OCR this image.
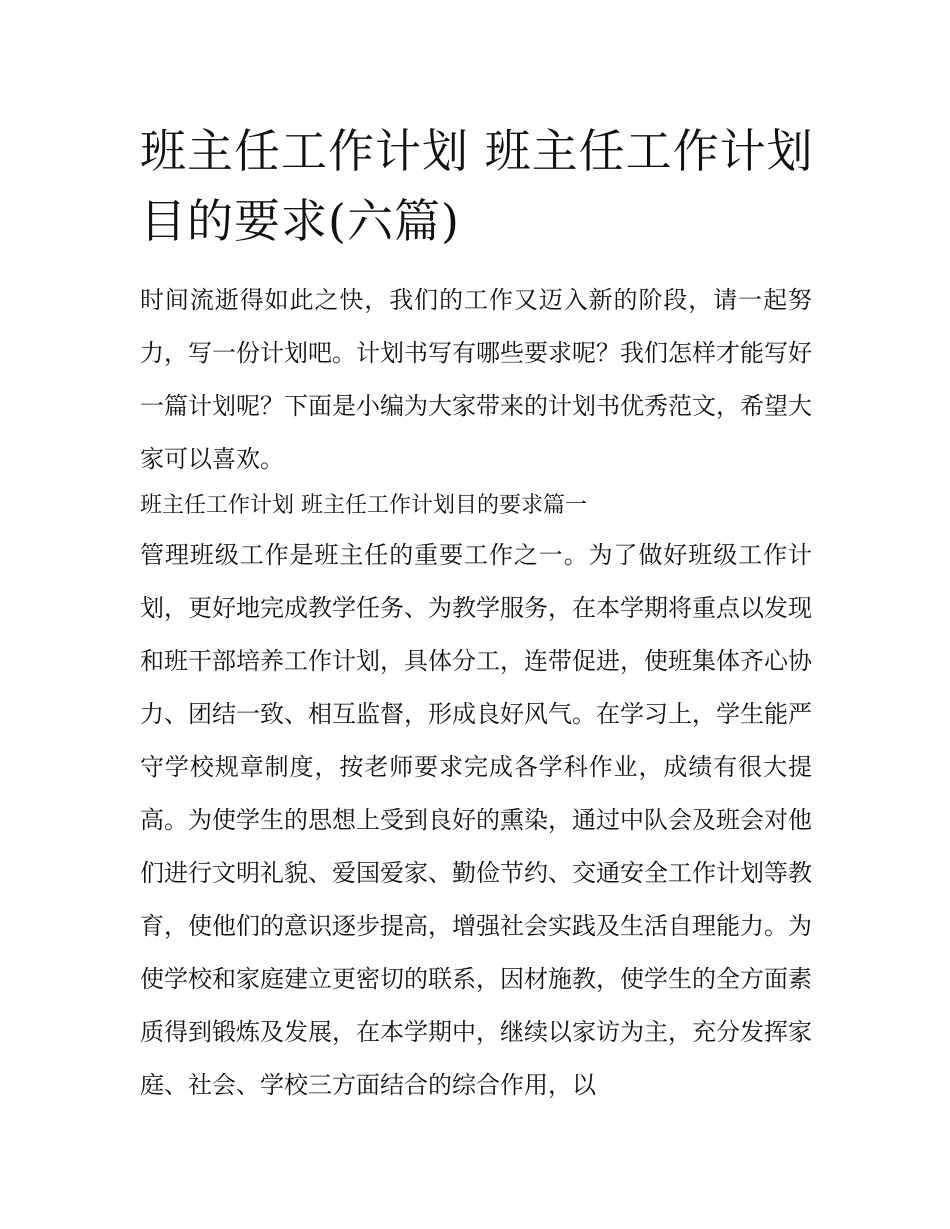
班主任工作计划 班主任工作计划目的要求(六篇)

时间流逝得如此之快，我们的工作又迈入新的阶段，请一起努力，写一份计划吧。计划书写有哪些要求呢？我们怎样才能写好一篇计划呢？下面是小编为大家带来的计划书优秀范文，希望大家可以喜欢。

班主任工作计划 班主任工作计划目的要求篇一

管理班级工作是班主任的重要工作之一。为了做好班级工作计划，更好地完成教学任务、为教学服务，在本学期将重点以发现和班干部培养工作计划，具体分工，连带促进，使班集体齐心协力、团结一致、相互监督，形成良好风气。在学习上，学生能严守学校规章制度，按老师要求完成各学科作业，成绩有很大提高。为使学生的思想上受到良好的熏染，通过中队会及班会对他们进行文明礼貌、爱国爱家、勤俭节约、交通安全工作计划等教育，使他们的意识逐步提高，增强社会实践及生活自理能力。为使学校和家庭建立更密切的联系，因材施教，使学生的全方面素质得到锻炼及发展，在本学期中，继续以家访为主，充分发挥家庭、社会、学校三方面结合的综合作用，以
